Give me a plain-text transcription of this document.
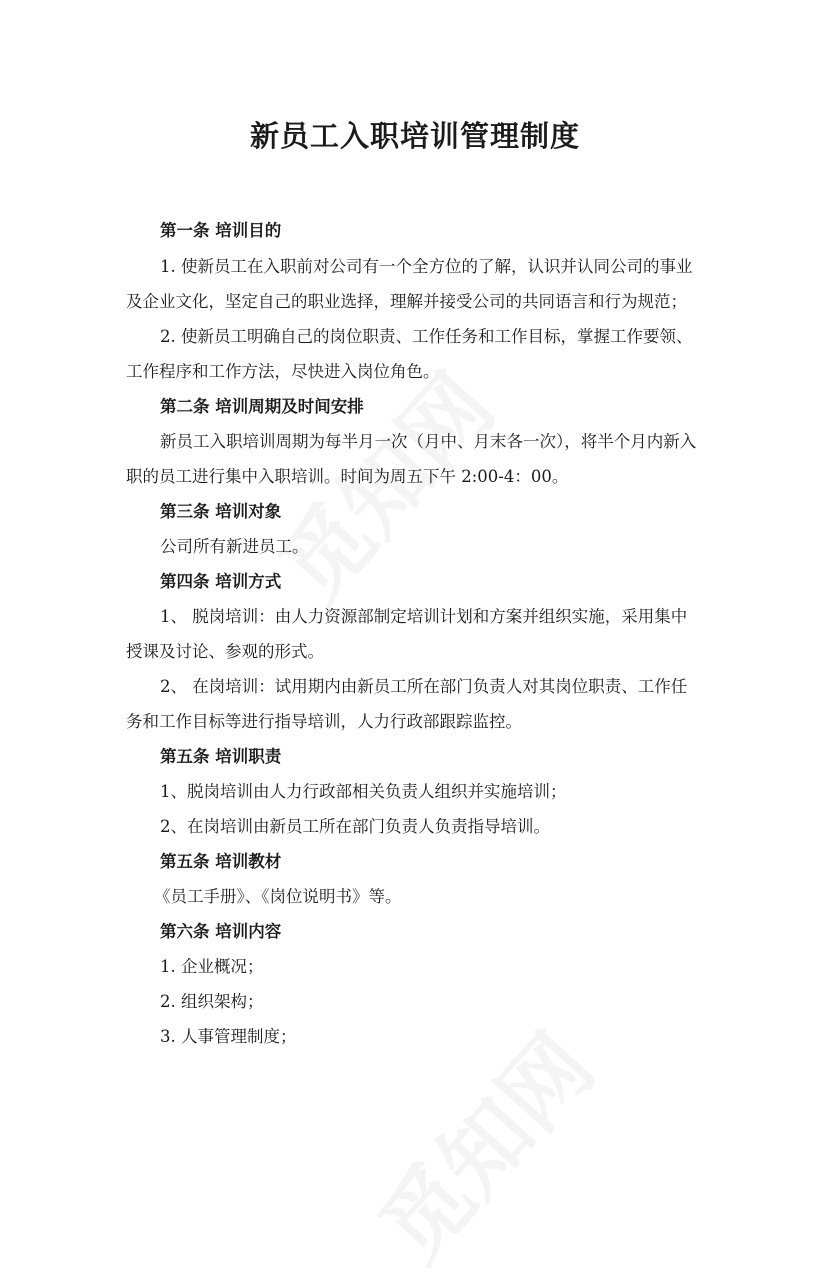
新员工入职培训管理制度
第一条 培训目的
1. 使新员工在入职前对公司有一个全方位的了解，认识并认同公司的事业
及企业文化，坚定自己的职业选择，理解并接受公司的共同语言和行为规范；
2. 使新员工明确自己的岗位职责、工作任务和工作目标，掌握工作要领、
工作程序和工作方法，尽快进入岗位角色。
第二条 培训周期及时间安排
新员工入职培训周期为每半月一次（月中、月末各一次），将半个月内新入
职的员工进行集中入职培训。时间为周五下午 2:00-4：00。
第三条 培训对象
公司所有新进员工。
第四条 培训方式
1、 脱岗培训：由人力资源部制定培训计划和方案并组织实施，采用集中
授课及讨论、参观的形式。
2、 在岗培训：试用期内由新员工所在部门负责人对其岗位职责、工作任
务和工作目标等进行指导培训，人力行政部跟踪监控。
第五条 培训职责
1、脱岗培训由人力行政部相关负责人组织并实施培训；
2、在岗培训由新员工所在部门负责人负责指导培训。
第五条 培训教材
《员工手册》、《岗位说明书》等。
第六条 培训内容
1. 企业概况；
2. 组织架构；
3. 人事管理制度；
